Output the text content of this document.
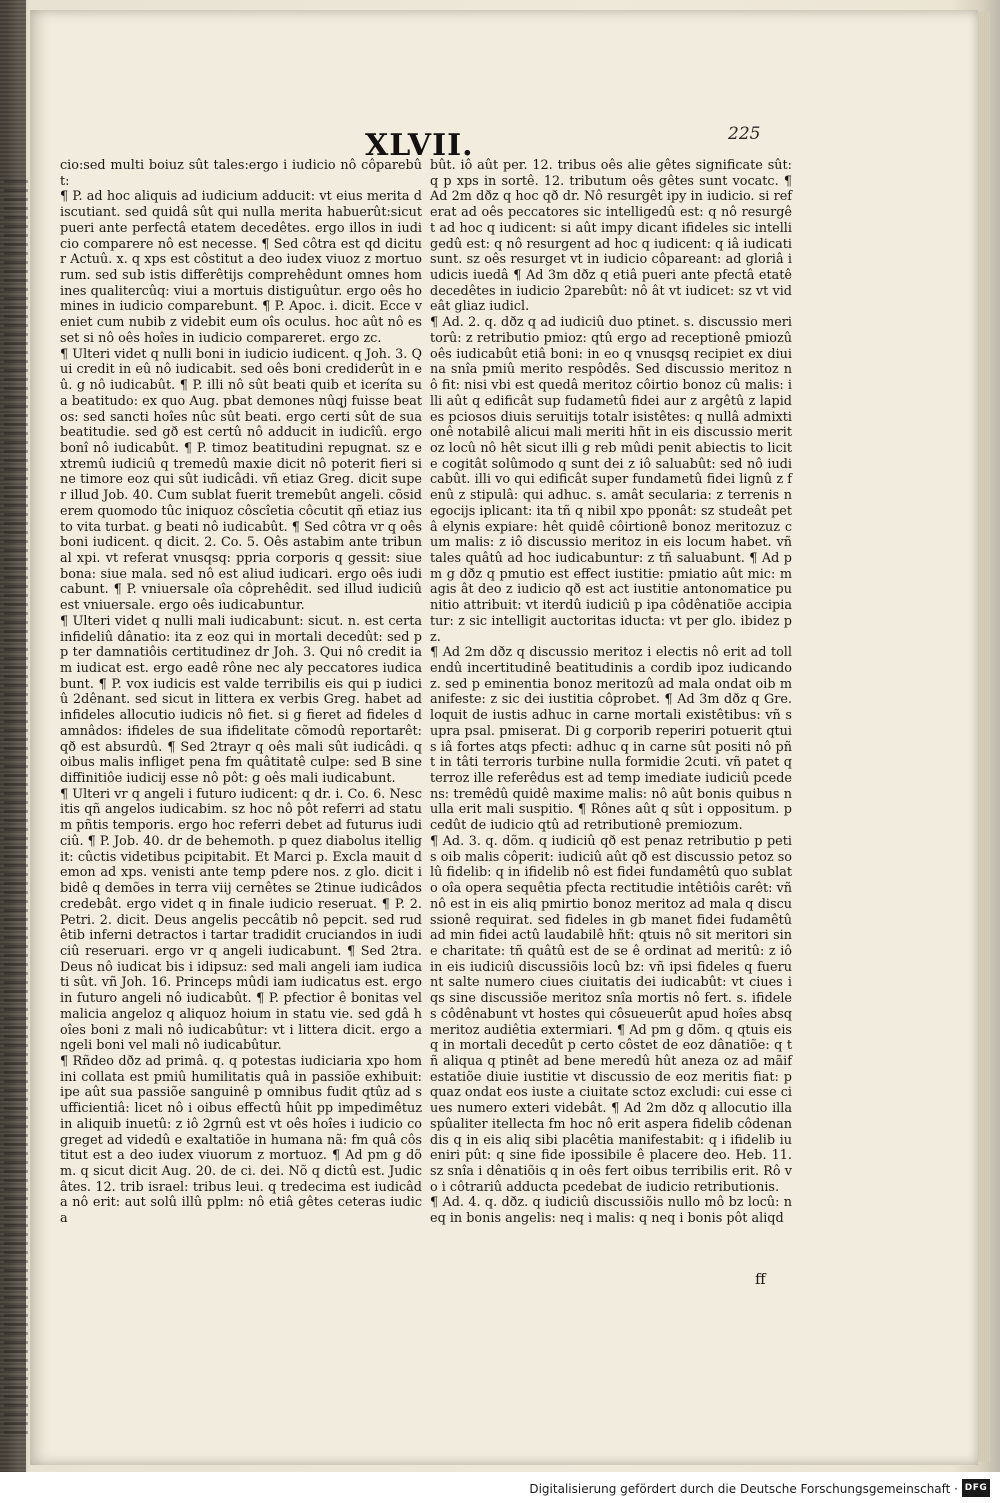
XLVII.	225

cio:sed multi boiuz sût tales:ergo i iudicio nô côparebût:

¶ P. ad hoc aliquis ad iudicium adducit: vt eius merita discutiant. sed quidâ sût qui nulla merita habuerût:sicut pueri ante perfectâ etatem decedêtes. ergo illos in iudicio comparere nô est necesse. ¶ Sed côtra est qd dicitur Actuû. x. q xps est côstitut a deo iudex viuoz z mortuorum. sed sub istis differêtijs comprehêdunt omnes homines qualitercûq: viui a mortuis distiguûtur. ergo oês homines in iudicio comparebunt. ¶ P. Apoc. i. dicit. Ecce veniet cum nubib z videbit eum oîs oculus. hoc aût nô esset si nô oês hoîes in iudicio compareret. ergo zc.

¶ Ulteri videt q nulli boni in iudicio iudicent. q Joh. 3. Qui credit in eû nô iudicabit. sed oês boni crediderût in eû. g nô iudicabût. ¶ P. illi nô sût beati quib et iceríta sua beatitudo: ex quo Aug. pbat demones nûqj fuisse beatos: sed sancti hoîes nûc sût beati. ergo certi sût de sua beatitudie. sed gð est certû nô adducit in iudicîû. ergo bonî nô iudicabût. ¶ P. timoz beatitudini repugnat. sz extremû iudiciû q tremedû maxie dicit nô poterit fieri sine timore eoz qui sût iudicâdi. vñ etiaz Greg. dicit super illud Job. 40. Cum sublat fuerit tremebût angeli. cõsiderem quomodo tûc iniquoz côscîetia côcutit qñ etiaz iusto vita turbat. g beati nô iudicabût. ¶ Sed côtra vr q oês boni iudicent. q dicit. 2. Co. 5. Oês astabim ante tribunal xpi. vt referat vnusqsq: ppria corporis q gessit: siue bona: siue mala. sed nô est aliud iudicari. ergo oês iudicabunt. ¶ P. vniuersale oîa côprehêdit. sed illud iudiciû est vniuersale. ergo oês iudicabuntur.

¶ Ulteri videt q nulli mali iudicabunt: sicut. n. est certa infideliû dânatio: ita z eoz qui in mortali decedût: sed pp ter damnatiôis certitudinez dr Joh. 3. Qui nô credit iam iudicat est. ergo eadê rône nec aly peccatores iudicabunt. ¶ P. vox iudicis est valde terribilis eis qui p iudiciû 2dênant. sed sicut in littera ex verbis Greg. habet ad infideles allocutio iudicis nô fiet. si g fieret ad fideles damnâdos: ifideles de sua ifidelitate cõmodû reportarêt: qð est absurdû. ¶ Sed 2trayr q oês mali sût iudicâdi. q oibus malis infliget pena fm quâtitatê culpe: sed B sine diffinitiôe iudicij esse nô pôt: g oês mali iudicabunt.

¶ Ulteri vr q angeli i futuro iudicent: q dr. i. Co. 6. Nescitis qñ angelos iudicabim. sz hoc nô pôt referri ad statum pñtis temporis. ergo hoc referri debet ad futurus iudiciû. ¶ P. Job. 40. dr de behemoth. p quez diabolus itelligit: cûctis videtibus pcipitabit. Et Marci p. Excla mauit demon ad xps. venisti ante temp pdere nos. z glo. dicit ibidê q demões in terra viij cernêtes se 2tinue iudicâdos credebât. ergo videt q in finale iudicio reseruat. ¶ P. 2. Petri. 2. dicit. Deus angelis peccâtib nô pepcit. sed rudêtib inferni detractos i tartar tradidit cruciandos in iudiciû reseruari. ergo vr q angeli iudicabunt. ¶ Sed 2tra. Deus nô iudicat bis i idipsuz: sed mali angeli iam iudicati sût. vñ Joh. 16. Princeps mûdi iam iudicatus est. ergo in futuro angeli nô iudicabût. ¶ P. pfectior ê bonitas vel malicia angeloz q aliquoz hoium in statu vie. sed gdâ hoîes boni z mali nô iudicabûtur: vt i littera dicit. ergo angeli boni vel mali nô iudicabûtur.

¶ Rñdeo dðz ad primâ. q. q potestas iudiciaria xpo homini collata est pmiû humilitatis quâ in passiõe exhibuit: ipe aût sua passiõe sanguinê p omnibus fudit qtûz ad sufficientiâ: licet nô i oibus effectû hûit pp impedimêtuz in aliquib inuetû: z iô 2grnû est vt oês hoîes i iudicio cogreget ad videdû e exaltatiõe in humana nã: fm quâ côstitut est a deo iudex viuorum z mortuoz. ¶ Ad pm g dõm. q sicut dicit Aug. 20. de ci. dei. Nõ q dictû est. Judicâtes. 12. trib israel: tribus leui. q tredecima est iudicâda nô erit: aut solû illû pplm: nô etiâ gêtes ceteras iudica

bût. iô aût per. 12. tribus oês alie gêtes significate sût: q p xps in sortê. 12. tributum oês gêtes sunt vocatc. ¶ Ad 2m dðz q hoc qð dr. Nô resurgêt ipy in iudicio. si referat ad oês peccatores sic intelligedû est: q nô resurgêt ad hoc q iudicent: si aût impy dicant ifideles sic intelligedû est: q nô resurgent ad hoc q iudicent: q iâ iudicati sunt. sz oês resurget vt in iudicio côpareant: ad gloriâ iudicis iuedâ ¶ Ad 3m dðz q etiâ pueri ante pfectâ etatê decedêtes in iudicio 2parebût: nô ât vt iudicet: sz vt videât gliaz iudicl.

¶ Ad. 2. q. dðz q ad iudiciû duo ptinet. s. discussio meritorû: z retributio pmioz: qtû ergo ad receptionê pmiozû oês iudicabût etiâ boni: in eo q vnusqsq recipiet ex diuina snîa pmiû merito respôdês. Sed discussio meritoz nô fit: nisi vbi est quedâ meritoz côirtio bonoz cû malis: illi aût q edificât sup fudametû fidei aur z argêtû z lapides pciosos diuis seruitijs totalr isistêtes: q nullâ admixtionê notabilê alicui mali meriti hñt in eis discussio meritoz locû nô hêt sicut illi g reb mûdi penit abiectis to licite cogitât solûmodo q sunt dei z iô saluabût: sed nô iudicabût. illi vo qui edificât super fundametû fidei lignû z fenû z stipulâ: qui adhuc. s. amât secularia: z terrenis negocijs iplicant: ita tñ q nibil xpo pponât: sz studeât petâ elynis expiare: hêt quidê côirtionê bonoz meritozuz cum malis: z iô discussio meritoz in eis locum habet. vñ tales quâtû ad hoc iudicabuntur: z tñ saluabunt. ¶ Ad pm g dðz q pmutio est effect iustitie: pmiatio aût mic: magis ât deo z iudicio qð est act iustitie antonomatice punitio attribuit: vt iterdû iudiciû p ipa côdênatiõe accipiatur: z sic intelligit auctoritas iducta: vt per glo. ibidez pz.

¶ Ad 2m dðz q discussio meritoz i electis nô erit ad tollendû incertitudinê beatitudinis a cordib ipoz iudicandoz. sed p eminentia bonoz meritozû ad mala ondat oib manifeste: z sic dei iustitia côprobet. ¶ Ad 3m dðz q Gre. loquit de iustis adhuc in carne mortali existêtibus: vñ supra psal. pmiserat. Di g corporib reperiri potuerit qtuis iâ fortes atqs pfecti: adhuc q in carne sût positi nô pñt in tâti terroris turbine nulla formidie 2cuti. vñ patet q terroz ille referêdus est ad temp imediate iudiciû pcedens: tremêdû quidê maxime malis: nô aût bonis quibus nulla erit mali suspitio. ¶ Rônes aût q sût i oppositum. pcedût de iudicio qtû ad retributionê premiozum.

¶ Ad. 3. q. dõm. q iudiciû qð est penaz retributio p petis oib malis côperit: iudiciû aût qð est discussio petoz solû fidelib: q in ifidelib nô est fidei fundamêtû quo sublato oîa opera sequêtia pfecta rectitudie intêtiôis carêt: vñ nô est in eis aliq pmirtio bonoz meritoz ad mala q discussionê requirat. sed fideles in gb manet fidei fudamêtû ad min fidei actû laudabilê hñt: qtuis nô sit meritori sine charitate: tñ quâtû est de se ê ordinat ad meritû: z iô in eis iudiciû discussiõis locû bz: vñ ipsi fideles q fuerunt salte numero ciues ciuitatis dei iudicabût: vt ciues i qs sine discussiõe meritoz snîa mortis nô fert. s. ifideles côdênabunt vt hostes qui côsueuerût apud hoîes absq meritoz audiêtia extermiari. ¶ Ad pm g dõm. q qtuis eis q in mortali decedût p certo côstet de eoz dânatiõe: q tñ aliqua q ptinêt ad bene meredû hût aneza oz ad mãifestatiõe diuie iustitie vt discussio de eoz meritis fiat: p quaz ondat eos iuste a ciuitate sctoz excludi: cui esse ciues numero exteri videbât. ¶ Ad 2m dðz q allocutio illa spûaliter itellecta fm hoc nô erit aspera fidelib côdenandis q in eis aliq sibi placêtia manifestabit: q i ifidelib iueniri pût: q sine fide ipossibile ê placere deo. Heb. 11. sz snîa i dênatiõis q in oês fert oibus terribilis erit. Rô vo i côtrariû adducta pcedebat de iudicio retributionis.

¶ Ad. 4. q. dðz. q iudiciû discussiõis nullo mô bz locû: neq in bonis angelis: neq i malis: q neq i bonis pôt aliqd

ff
Digitalisierung gefördert durch die Deutsche Forschungsgemeinschaft · DFG
